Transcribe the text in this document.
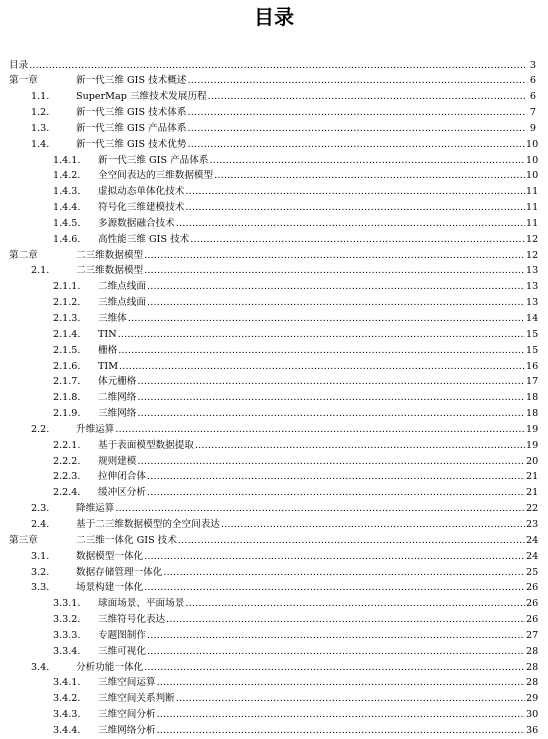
目录
目录 .....	3
第一章	新一代三维 GIS 技术概述 .....	6
1.1.	SuperMap 三维技术发展历程 .....	6
1.2.	新一代三维 GIS 技术体系 .....	7
1.3.	新一代三维 GIS 产品体系 .....	9
1.4.	新一代三维 GIS 技术优势 .....	10
1.4.1. 新一代三维 GIS 产品体系 .....	10
1.4.2. 全空间表达的三维数据模型 .....	10
1.4.3. 虚拟动态单体化技术 .....	11
1.4.4. 符号化三维建模技术 .....	11
1.4.5. 多源数据融合技术 .....	11
1.4.6. 高性能三维 GIS 技术 .....	12
第二章	二三维数据模型 .....	12
2.1.	二三维数据模型 .....	13
2.1.1. 二维点线面 .....	13
2.1.2. 三维点线面 .....	13
2.1.3. 三维体 .....	14
2.1.4. TIN .....	15
2.1.5. 栅格 .....	15
2.1.6. TIM .....	16
2.1.7. 体元栅格 .....	17
2.1.8. 二维网络 .....	18
2.1.9. 三维网络 .....	18
2.2.	升维运算 .....	19
2.2.1. 基于表面模型数据提取 .....	19
2.2.2. 规则建模 .....	20
2.2.3. 拉伸闭合体 .....	21
2.2.4. 缓冲区分析 .....	21
2.3.	降维运算 .....	22
2.4.	基于二三维数据模型的全空间表达 .....	23
第三章	二三维一体化 GIS 技术 .....	24
3.1.	数据模型一体化 .....	24
3.2.	数据存储管理一体化 .....	25
3.3.	场景构建一体化 .....	26
3.3.1. 球面场景、平面场景 .....	26
3.3.2. 三维符号化表达 .....	26
3.3.3. 专题图制作 .....	27
3.3.4. 三维可视化 .....	28
3.4.	分析功能一体化 .....	28
3.4.1. 三维空间运算 .....	28
3.4.2. 三维空间关系判断 .....	29
3.4.3. 三维空间分析 .....	30
3.4.4. 三维网络分析 .....	36
